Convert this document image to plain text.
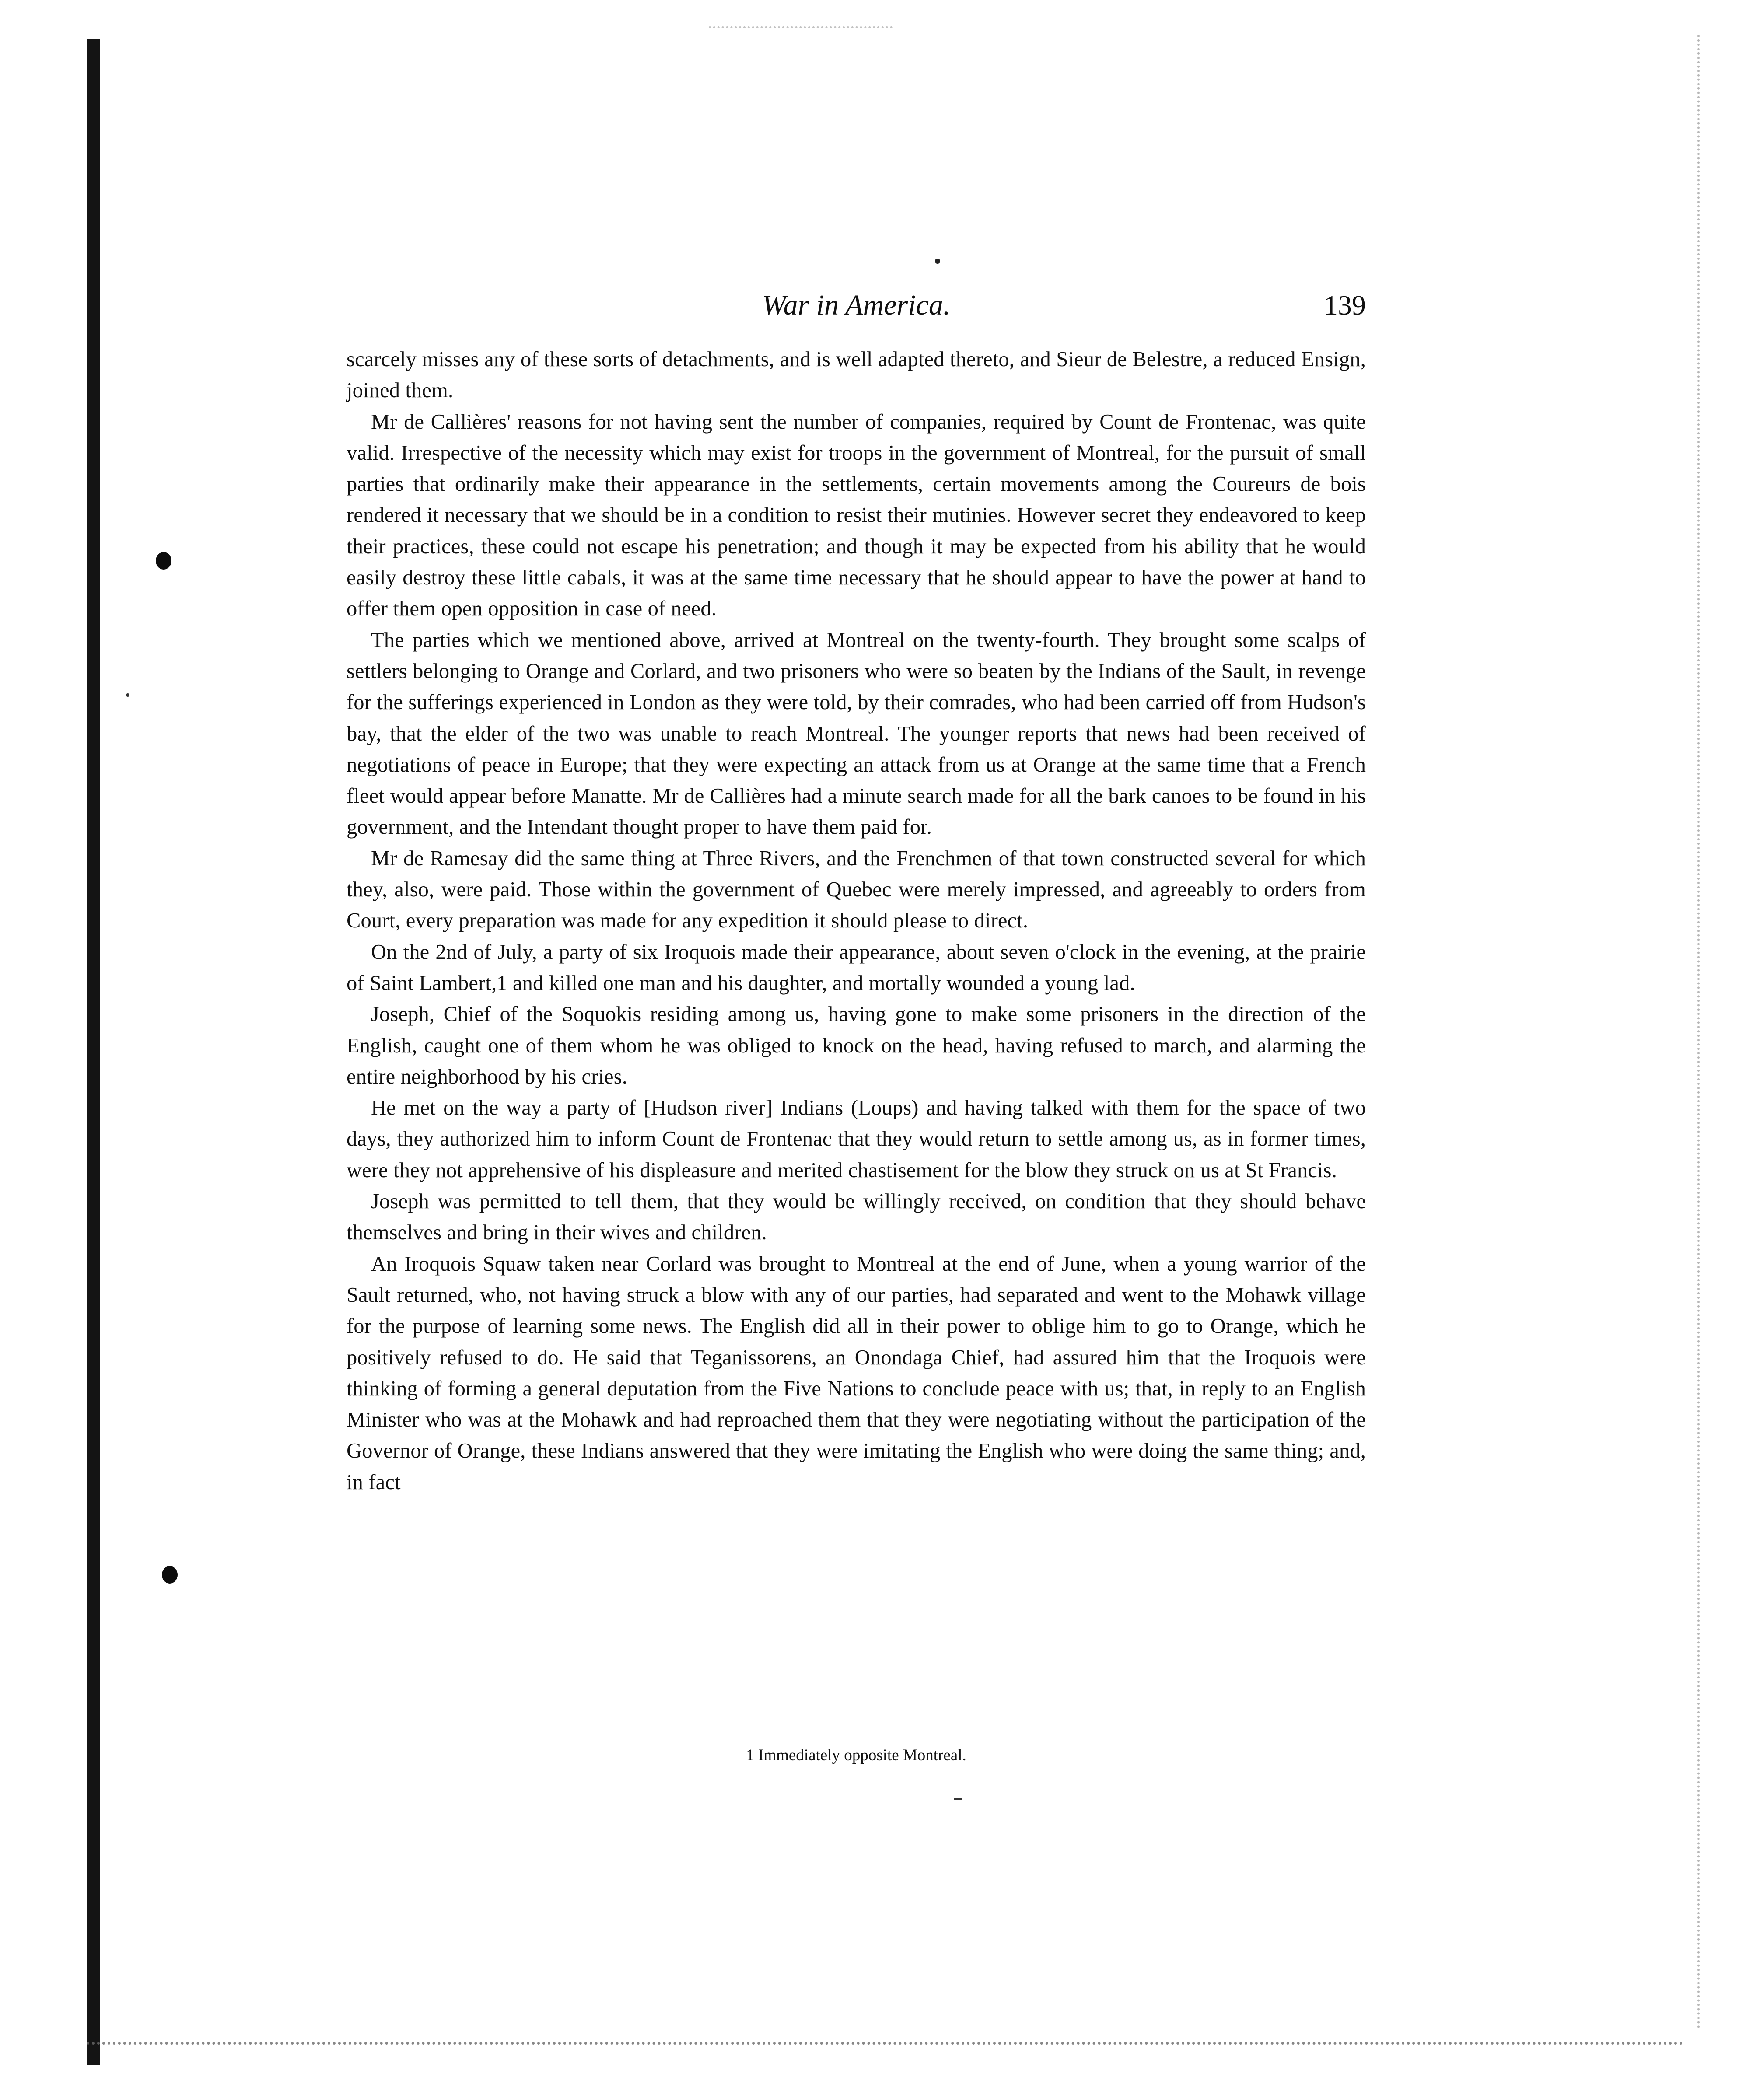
War in America.	139

scarcely misses any of these sorts of detachments, and is well adapted thereto, and Sieur de Belestre, a reduced Ensign, joined them.

Mr de Callières' reasons for not having sent the number of companies, required by Count de Frontenac, was quite valid. Irrespective of the necessity which may exist for troops in the government of Montreal, for the pursuit of small parties that ordinarily make their appearance in the settlements, certain movements among the Coureurs de bois rendered it necessary that we should be in a condition to resist their mutinies. However secret they endeavored to keep their practices, these could not escape his penetration; and though it may be expected from his ability that he would easily destroy these little cabals, it was at the same time necessary that he should appear to have the power at hand to offer them open opposition in case of need.

The parties which we mentioned above, arrived at Montreal on the twenty-fourth. They brought some scalps of settlers belonging to Orange and Corlard, and two prisoners who were so beaten by the Indians of the Sault, in revenge for the sufferings experienced in London as they were told, by their comrades, who had been carried off from Hudson's bay, that the elder of the two was unable to reach Montreal. The younger reports that news had been received of negotiations of peace in Europe; that they were expecting an attack from us at Orange at the same time that a French fleet would appear before Manatte. Mr de Callières had a minute search made for all the bark canoes to be found in his government, and the Intendant thought proper to have them paid for.

Mr de Ramesay did the same thing at Three Rivers, and the Frenchmen of that town constructed several for which they, also, were paid. Those within the government of Quebec were merely impressed, and agreeably to orders from Court, every preparation was made for any expedition it should please to direct.

On the 2nd of July, a party of six Iroquois made their appearance, about seven o'clock in the evening, at the prairie of Saint Lambert,1 and killed one man and his daughter, and mortally wounded a young lad.

Joseph, Chief of the Soquokis residing among us, having gone to make some prisoners in the direction of the English, caught one of them whom he was obliged to knock on the head, having refused to march, and alarming the entire neighborhood by his cries.

He met on the way a party of [Hudson river] Indians (Loups) and having talked with them for the space of two days, they authorized him to inform Count de Frontenac that they would return to settle among us, as in former times, were they not apprehensive of his displeasure and merited chastisement for the blow they struck on us at St Francis.

Joseph was permitted to tell them, that they would be willingly received, on condition that they should behave themselves and bring in their wives and children.

An Iroquois Squaw taken near Corlard was brought to Montreal at the end of June, when a young warrior of the Sault returned, who, not having struck a blow with any of our parties, had separated and went to the Mohawk village for the purpose of learning some news. The English did all in their power to oblige him to go to Orange, which he positively refused to do. He said that Teganissorens, an Onondaga Chief, had assured him that the Iroquois were thinking of forming a general deputation from the Five Nations to conclude peace with us; that, in reply to an English Minister who was at the Mohawk and had reproached them that they were negotiating without the participation of the Governor of Orange, these Indians answered that they were imitating the English who were doing the same thing; and, in fact

1 Immediately opposite Montreal.
